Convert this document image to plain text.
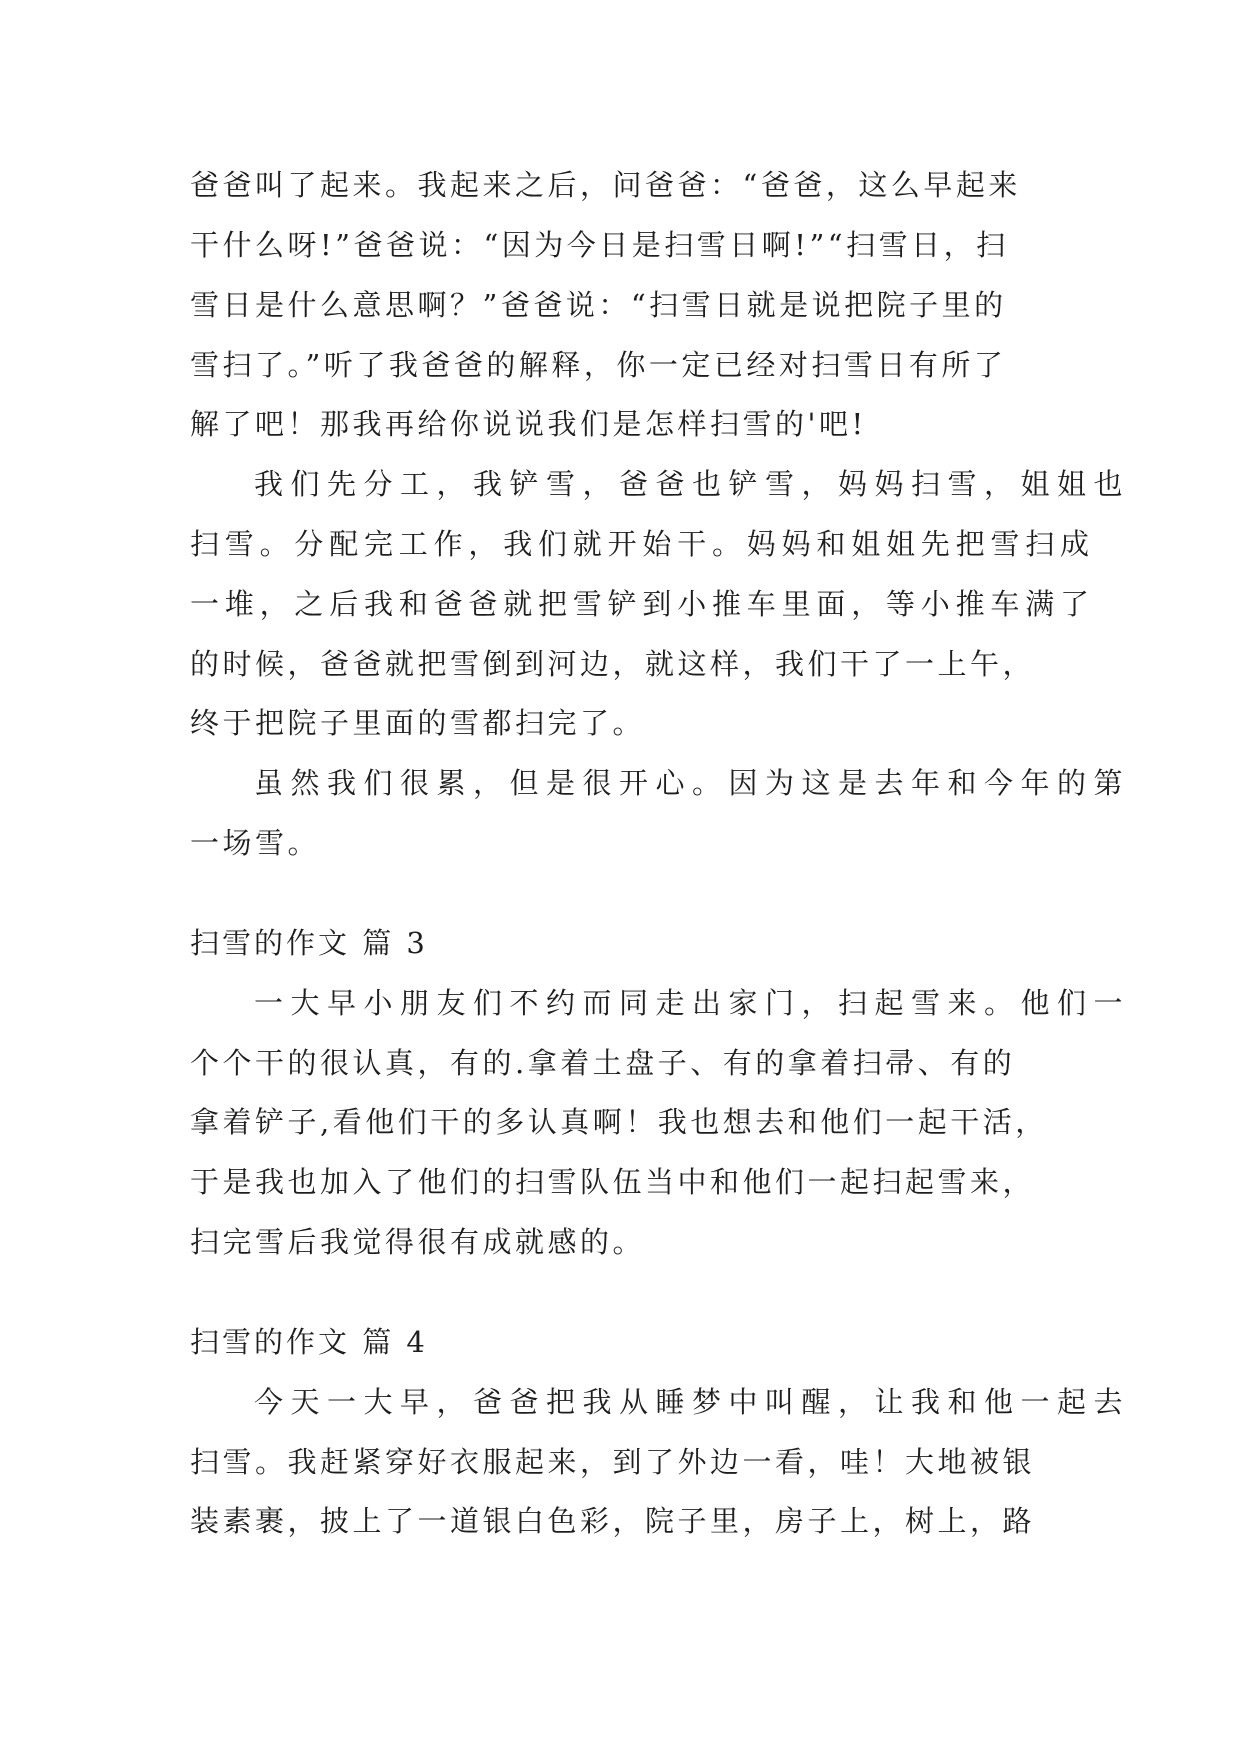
爸爸叫了起来。我起来之后，问爸爸：“爸爸，这么早起来
干什么呀!”爸爸说：“因为今日是扫雪日啊!”“扫雪日，扫
雪日是什么意思啊？”爸爸说：“扫雪日就是说把院子里的
雪扫了。”听了我爸爸的解释，你一定已经对扫雪日有所了
解了吧！那我再给你说说我们是怎样扫雪的'吧!
我们先分工，我铲雪，爸爸也铲雪，妈妈扫雪，姐姐也
扫雪。分配完工作，我们就开始干。妈妈和姐姐先把雪扫成
一堆，之后我和爸爸就把雪铲到小推车里面，等小推车满了
的时候，爸爸就把雪倒到河边，就这样，我们干了一上午，
终于把院子里面的雪都扫完了。
虽然我们很累，但是很开心。因为这是去年和今年的第
一场雪。
扫雪的作文 篇 3
一大早小朋友们不约而同走出家门，扫起雪来。他们一
个个干的很认真，有的.拿着土盘子、有的拿着扫帚、有的
拿着铲子,看他们干的多认真啊！我也想去和他们一起干活，
于是我也加入了他们的扫雪队伍当中和他们一起扫起雪来，
扫完雪后我觉得很有成就感的。
扫雪的作文 篇 4
今天一大早，爸爸把我从睡梦中叫醒，让我和他一起去
扫雪。我赶紧穿好衣服起来，到了外边一看，哇！大地被银
装素裹，披上了一道银白色彩，院子里，房子上，树上，路
